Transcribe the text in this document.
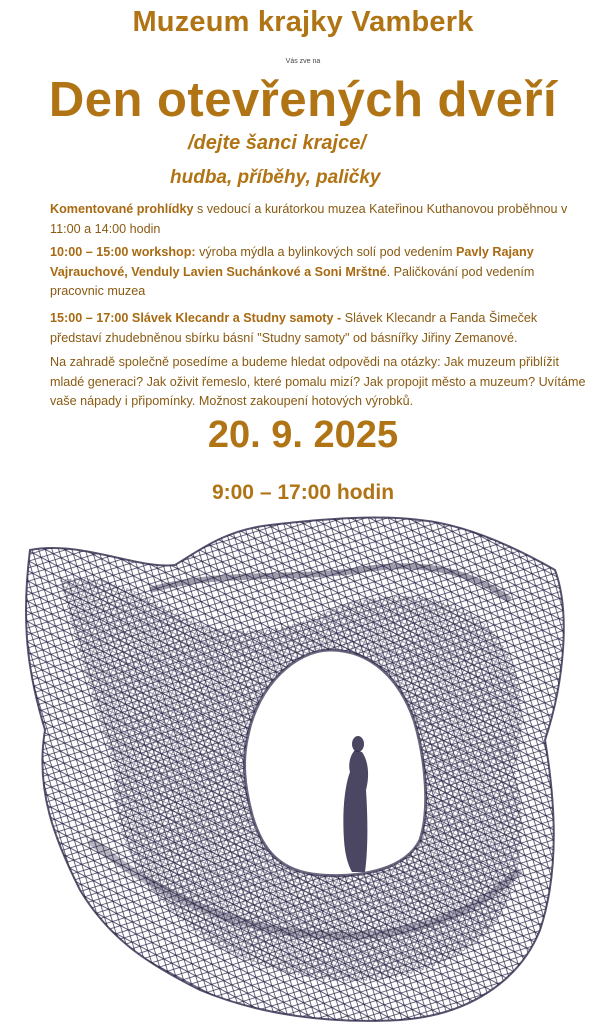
Muzeum krajky Vamberk
Vás zve na
Den otevřených dveří
/dejte šanci krajce/
hudba, příběhy, paličky
Komentované prohlídky s vedoucí a kurátorkou muzea Kateřinou Kuthanovou proběhnou v 11:00 a 14:00 hodin
10:00 – 15:00 workshop: výroba mýdla a bylinkových solí pod vedením Pavly Rajany Vajrauchové, Venduly Lavien Suchánkové a Soni Mrštné. Paličkování pod vedením pracovnic muzea
15:00 – 17:00 Slávek Klecandr a Studny samoty - Slávek Klecandr a Fanda Šimeček představí zhudebněnou sbírku básní "Studny samoty" od básnířky Jiřiny Zemanové.
Na zahradě společně posedíme a budeme hledat odpovědi na otázky: Jak muzeum přiblížit mladé generaci? Jak oživit řemeslo, které pomalu mizí? Jak propojit město a muzeum? Uvítáme vaše nápady i připomínky. Možnost zakoupení hotových výrobků.
20. 9. 2025
9:00 – 17:00 hodin
